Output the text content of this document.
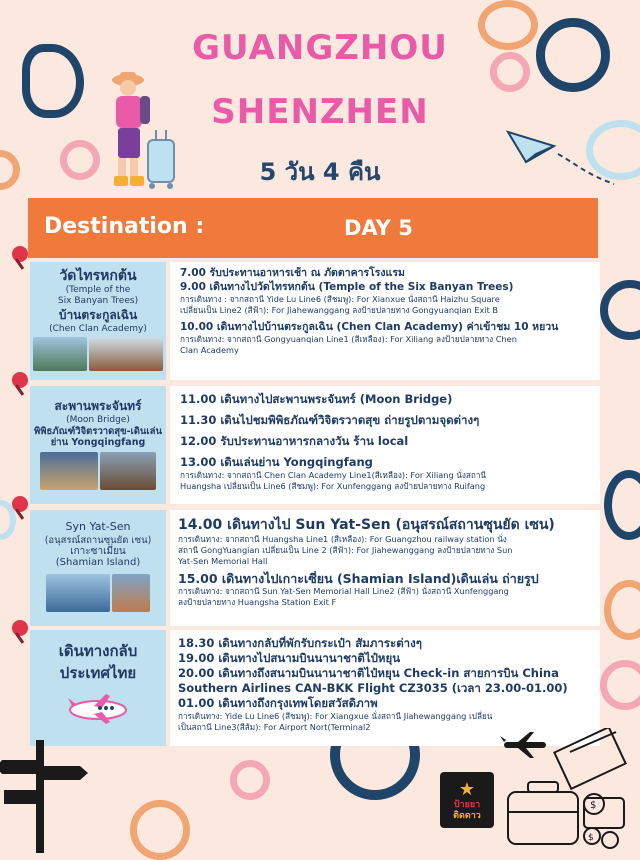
GUANGZHOU
SHENZHEN
5 วัน 4 คืน
Destination :	DAY 5
วัดไทรหกต้น
(Temple of the
Six Banyan Trees)
บ้านตระกูลเฉิน
(Chen Clan Academy)

7.00 รับประทานอาหารเช้า ณ ภัตตาคารโรงแรม

9.00 เดินทางไปวัดไทรหกต้น (Temple of the Six Banyan Trees)

การเดินทาง : จากสถานี Yide Lu Line6 (สีชมพู): For Xianxue นั่งสถานี Haizhu Square

เปลี่ยนเป็น Line2 (สีฟ้า): For Jiahewanggang ลงป้ายปลายทาง Gongyuanqian Exit B

10.00 เดินทางไปบ้านตระกูลเฉิน (Chen Clan Academy) ค่าเข้าชม 10 หยวน

การเดินทาง: จากสถานี Gongyuanqian Line1 (สีเหลือง): For Xiliang ลงป้ายปลายทาง Chen

Clan Academy

สะพานพระจันทร์
(Moon Bridge)
พิพิธภัณฑ์วิจิตรวาดสุข-เดินเล่น
ย่าน Yongqingfang

11.00 เดินทางไปสะพานพระจันทร์ (Moon Bridge)

11.30 เดินไปชมพิพิธภัณฑ์วิจิตรวาดสุข ถ่ายรูปตามจุดต่างๆ

12.00 รับประทานอาหารกลางวัน ร้าน local

13.00 เดินเล่นย่าน Yongqingfang

การเดินทาง: จากสถานี Chen Clan Academy Line1(สีเหลือง): For Xiliang นั่งสถานี

Huangsha เปลี่ยนเป็น Line6 (สีชมพู): For Xunfenggang ลงป้ายปลายทาง Ruifang

Syn Yat-Sen
(อนุสรณ์สถานซุนยัด เซน)
เกาะซาเมี่ยน
(Shamian Island)

14.00 เดินทางไป Sun Yat-Sen (อนุสรณ์สถานซุนยัด เซน)

การเดินทาง: จากสถานี Huangsha Line1 (สีเหลือง): For Guangzhou railway station นั่ง

สถานี GongYuangian เปลี่ยนเป็น Line 2 (สีฟ้า): For Jiahewanggang ลงป้ายปลายทาง Sun

Yat-Sen Memorial Hall

15.00 เดินทางไปเกาะเซี่ยน (Shamian Island)เดินเล่น ถ่ายรูป

การเดินทาง: จากสถานี Sun Yat-Sen Memorial Hall Line2 (สีฟ้า) นั่งสถานี Xunfenggang

ลงป้ายปลายทาง Huangsha Station Exit F

เดินทางกลับ
ประเทศไทย

18.30 เดินทางกลับที่พักรับกระเป๋า สัมภาระต่างๆ

19.00 เดินทางไปสนามบินนานาชาติไป๋หยุน

20.00 เดินทางถึงสนามบินนานาชาติไป๋หยุน Check-in สายการบิน China

Southern Airlines CAN-BKK Flight CZ3035 (เวลา 23.00-01.00)

01.00 เดินทางถึงกรุงเทพโดยสวัสดิภาพ

การเดินทาง: Yide Lu Line6 (สีชมพู): For Xiangxue นั่งสถานี Jiahewanggang เปลี่ยน

เป็นสถานี Line3(สีส้ม): For Airport Nort(Terminal2

★
ป้ายยา
ติดดาว
$
$
